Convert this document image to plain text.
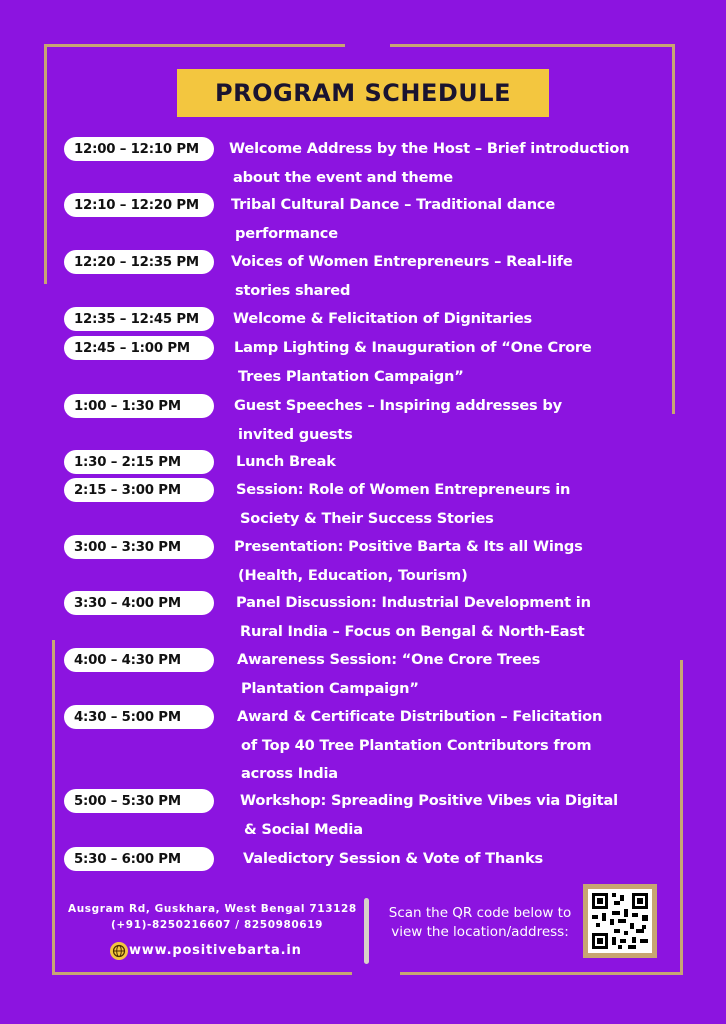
PROGRAM SCHEDULE
12:00 – 12:10 PM Welcome Address by the Host – Brief introduction
about the event and theme
12:10 – 12:20 PM Tribal Cultural Dance – Traditional dance
performance
12:20 – 12:35 PM Voices of Women Entrepreneurs – Real-life
stories shared
12:35 – 12:45 PM Welcome & Felicitation of Dignitaries
12:45 – 1:00 PM	Lamp Lighting & Inauguration of “One Crore
Trees Plantation Campaign”
1:00 – 1:30 PM	Guest Speeches – Inspiring addresses by
invited guests
1:30 – 2:15 PM	Lunch Break
2:15 – 3:00 PM	Session: Role of Women Entrepreneurs in
Society & Their Success Stories
3:00 – 3:30 PM	Presentation: Positive Barta & Its all Wings
(Health, Education, Tourism)
3:30 – 4:00 PM	Panel Discussion: Industrial Development in
Rural India – Focus on Bengal & North-East
4:00 – 4:30 PM	Awareness Session: “One Crore Trees
Plantation Campaign”
4:30 – 5:00 PM	Award & Certificate Distribution – Felicitation
of Top 40 Tree Plantation Contributors from
across India
5:00 – 5:30 PM	Workshop: Spreading Positive Vibes via Digital
& Social Media
5:30 – 6:00 PM	Valedictory Session & Vote of Thanks
Ausgram Rd, Guskhara, West Bengal 713128
(+91)-8250216607 / 8250980619
www.positivebarta.in
Scan the QR code below to
view the location/address:
